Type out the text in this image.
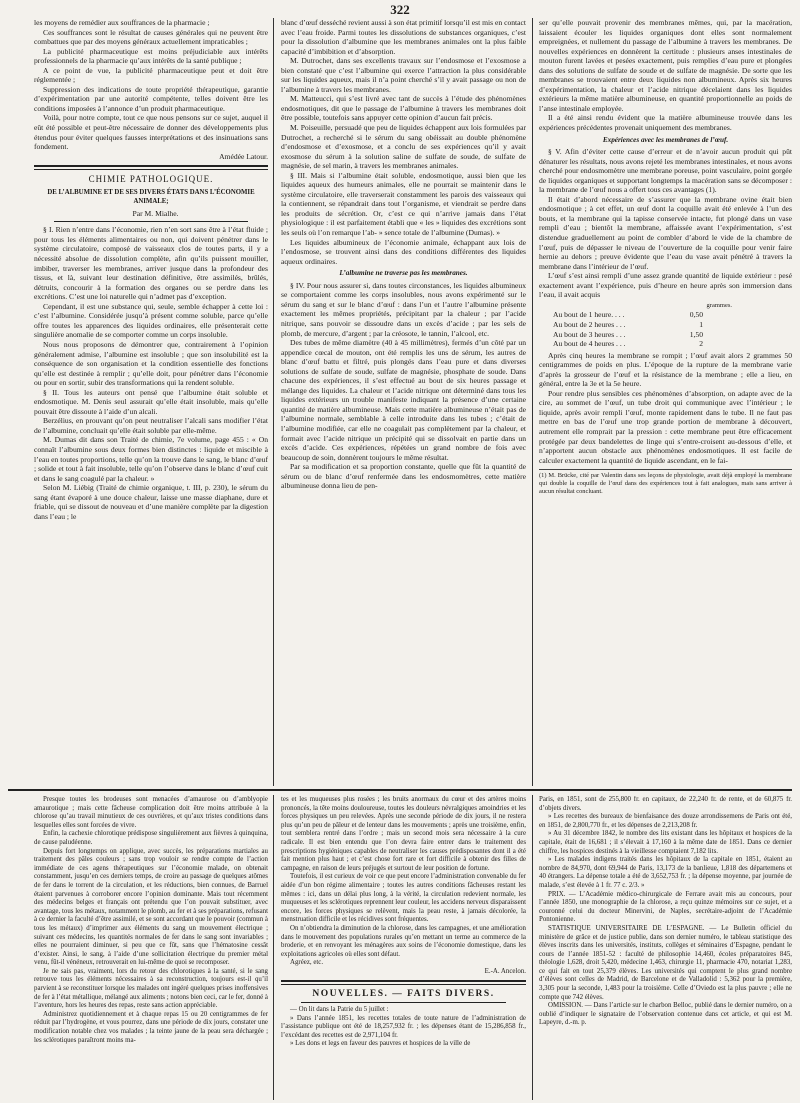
322

les moyens de remédier aux souffrances de la pharmacie ;

Ces souffrances sont le résultat de causes générales qui ne peuvent être combattues que par des moyens généraux actuellement impraticables ;

La publicité pharmaceutique est moins préjudiciable aux intérêts professionnels de la pharmacie qu’aux intérêts de la santé publique ;

A ce point de vue, la publicité pharmaceutique peut et doit être réglementée ;

Suppression des indications de toute propriété thérapeutique, garantie d’expérimentation par une autorité compétente, telles doivent être les conditions imposées à l’annonce d’un produit pharmaceutique.

Voilà, pour notre compte, tout ce que nous pensons sur ce sujet, auquel il eût été possible et peut-être nécessaire de donner des développements plus étendus pour éviter quelques fausses interprétations et des insinuations sans fondement.

Amédée Latour.

CHIMIE PATHOLOGIQUE.
DE L’ALBUMINE ET DE SES DIVERS ÉTATS DANS L’ÉCONOMIE ANIMALE;

Par M. Mialhe.

§ I. Rien n’entre dans l’économie, rien n’en sort sans être à l’état fluide ; pour tous les éléments alimentaires ou non, qui doivent pénétrer dans le système circulatoire, composé de vaisseaux clos de toutes parts, il y a nécessité absolue de dissolution complète, afin qu’ils puissent mouiller, imbiber, traverser les membranes, arriver jusque dans la profondeur des tissus, et là, suivant leur destination définitive, être assimilés, brûlés, détruits, concourir à la formation des organes ou se perdre dans les excrétions. C’est une loi naturelle qui n’admet pas d’exception.

Cependant, il est une substance qui, seule, semble échapper à cette loi : c’est l’albumine. Considérée jusqu’à présent comme soluble, parce qu’elle offre toutes les apparences des liquides ordinaires, elle présenterait cette singulière anomalie de se comporter comme un corps insoluble.

Nous nous proposons de démontrer que, contrairement à l’opinion généralement admise, l’albumine est insoluble ; que son insolubilité est la conséquence de son organisation et la condition essentielle des fonctions qu’elle est destinée à remplir ; qu’elle doit, pour pénétrer dans l’économie ou pour en sortir, subir des transformations qui la rendent soluble.

§ II. Tous les auteurs ont pensé que l’albumine était soluble et endosmotique. M. Denis seul assurait qu’elle était insoluble, mais qu’elle pouvait être dissoute à l’aide d’un alcali.

Berzélius, en prouvant qu’on peut neutraliser l’alcali sans modifier l’état de l’albumine, concluait qu’elle était soluble par elle-même.

M. Dumas dit dans son Traité de chimie, 7e volume, page 455 : « On connaît l’albumine sous deux formes bien distinctes : liquide et miscible à l’eau en toutes proportions, telle qu’on la trouve dans le sang, le blanc d’œuf ; solide et tout à fait insoluble, telle qu’on l’observe dans le blanc d’œuf cuit et dans le sang coagulé par la chaleur. »

Selon M. Liébig (Traité de chimie organique, t. III, p. 230), le sérum du sang étant évaporé à une douce chaleur, laisse une masse diaphane, dure et friable, qui se dissout de nouveau et d’une manière complète par la digestion dans l’eau ; le

blanc d’œuf desséché revient aussi à son état primitif lorsqu’il est mis en contact avec l’eau froide. Parmi toutes les dissolutions de substances organiques, c’est pour la dissolution d’albumine que les membranes animales ont la plus faible capacité d’imbibition et d’absorption.

M. Dutrochet, dans ses excellents travaux sur l’endosmose et l’exosmose a bien constaté que c’est l’albumine qui exerce l’attraction la plus considérable sur les liquides aqueux, mais il n’a point cherché s’il y avait passage ou non de l’albumine à travers les membranes.

M. Matteucci, qui s’est livré avec tant de succès à l’étude des phénomènes endosmotiques, dit que le passage de l’albumine à travers les membranes doit être possible, toutefois sans appuyer cette opinion d’aucun fait précis.

M. Poiseuille, persuadé que peu de liquides échappent aux lois formulées par Dutrochet, a recherché si le sérum du sang obéissait au double phénomène d’endosmose et d’exosmose, et a conclu de ses expériences qu’il y avait exosmose du sérum à la solution saline de sulfate de soude, de sulfate de magnésie, de sel marin, à travers les membranes animales.

§ III. Mais si l’albumine était soluble, endosmotique, aussi bien que les liquides aqueux des humeurs animales, elle ne pourrait se maintenir dans le système circulatoire, elle traverserait constamment les parois des vaisseaux qui la contiennent, se répandrait dans tout l’organisme, et viendrait se perdre dans les produits de sécrétion. Or, c’est ce qui n’arrive jamais dans l’état physiologique : il est parfaitement établi que « les » liquides des excrétions sont les seuls où l’on remarque l’ab- » sence totale de l’albumine (Dumas). »

Les liquides albumineux de l’économie animale, échappant aux lois de l’endosmose, se trouvent ainsi dans des conditions différentes des liquides aqueux ordinaires.

L’albumine ne traverse pas les membranes.

§ IV. Pour nous assurer si, dans toutes circonstances, les liquides albumineux se comportaient comme les corps insolubles, nous avons expérimenté sur le sérum du sang et sur le blanc d’œuf : dans l’un et l’autre l’albumine présente exactement les mêmes propriétés, précipitant par la chaleur ; par l’acide nitrique, sans pouvoir se dissoudre dans un excès d’acide ; par les sels de plomb, de mercure, d’argent ; par la créosote, le tannin, l’alcool, etc.

Des tubes de même diamètre (40 à 45 millimètres), fermés d’un côté par un appendice cœcal de mouton, ont été remplis les uns de sérum, les autres de blanc d’œuf battu et filtré, puis plongés dans l’eau pure et dans diverses solutions de sulfate de soude, sulfate de magnésie, phosphate de soude. Dans chacune des expériences, il s’est effectué au bout de six heures passage et mélange des liquides. La chaleur et l’acide nitrique ont déterminé dans tous les liquides extérieurs un trouble manifeste indiquant la présence d’une certaine quantité de matière albumineuse. Mais cette matière albumineuse n’était pas de l’albumine normale, semblable à celle introduite dans les tubes ; c’était de l’albumine modifiée, car elle ne coagulait pas complètement par la chaleur, et formait avec l’acide nitrique un précipité qui se dissolvait en partie dans un excès d’acide. Ces expériences, répétées un grand nombre de fois avec beaucoup de soin, donnèrent toujours le même résultat.

Par sa modification et sa proportion constante, quelle que fût la quantité de sérum ou de blanc d’œuf renfermée dans les endosmomètres, cette matière albumineuse donna lieu de pen-

ser qu’elle pouvait provenir des membranes mêmes, qui, par la macération, laissaient écouler les liquides organiques dont elles sont normalement empreignées, et nullement du passage de l’albumine à travers les membranes. De nouvelles expériences en donnèrent la certitude : plusieurs anses intestinales de mouton furent lavées et pesées exactement, puis remplies d’eau pure et plongées dans des solutions de sulfate de soude et de sulfate de magnésie. De sorte que les membranes se trouvaient entre deux liquides non albumineux. Après six heures d’expérimentation, la chaleur et l’acide nitrique décelaient dans les liquides extérieurs la même matière albumineuse, en quantité proportionnelle au poids de l’anse intestinale employée.

Il a été ainsi rendu évident que la matière albumineuse trouvée dans les expériences précédentes provenait uniquement des membranes.

Expériences avec les membranes de l’œuf.

§ V. Afin d’éviter cette cause d’erreur et de n’avoir aucun produit qui pût dénaturer les résultats, nous avons rejeté les membranes intestinales, et nous avons cherché pour endosmomètre une membrane poreuse, point vasculaire, point gorgée de liquides organiques et supportant longtemps la macération sans se décomposer : la membrane de l’œuf nous a offert tous ces avantages (1).

Il était d’abord nécessaire de s’assurer que la membrane ovine était bien endosmotique ; à cet effet, un œuf dont la coquille avait été enlevée à l’un des bouts, et la membrane qui la tapisse conservée intacte, fut plongé dans un vase rempli d’eau ; bientôt la membrane, affaissée avant l’expérimentation, s’est distendue graduellement au point de combler d’abord le vide de la chambre de l’œuf, puis de dépasser le niveau de l’ouverture de la coquille pour venir faire hernie au dehors ; preuve évidente que l’eau du vase avait pénétré à travers la membrane dans l’intérieur de l’œuf.

L’œuf s’est ainsi rempli d’une assez grande quantité de liquide extérieur : pesé exactement avant l’expérience, puis d’heure en heure après son immersion dans l’eau, il avait acquis

grammes.
Au bout de 1 heure. . . .	0,50
Au bout de 2 heures . . .	1
Au bout de 3 heures . . .	1,50
Au bout de 4 heures . . .	2

Après cinq heures la membrane se rompit ; l’œuf avait alors 2 grammes 50 centigrammes de poids en plus. L’époque de la rupture de la membrane varie d’après la grosseur de l’œuf et la résistance de la membrane ; elle a lieu, en général, entre la 3e et la 5e heure.

Pour rendre plus sensibles ces phénomènes d’absorption, on adapte avec de la cire, au sommet de l’œuf, un tube droit qui communique avec l’intérieur ; le liquide, après avoir rempli l’œuf, monte rapidement dans le tube. Il ne faut pas mettre en bas de l’œuf une trop grande portion de membrane à découvert, autrement elle romprait par la pression : cette membrane peut être efficacement protégée par deux bandelettes de linge qui s’entre-croisent au-dessous d’elle, et n’apportent aucun obstacle aux phénomènes endosmotiques. Il est facile de calculer exactement la quantité de liquide ascendant, en le fai-

(1) M. Brücke, cité par Valentin dans ses leçons de physiologie, avait déjà employé la membrane qui double la coquille de l’œuf dans des expériences tout à fait analogues, mais sans arriver à aucun résultat concluant.

Presque toutes les brodeuses sont menacées d’amaurose ou d’amblyopie amaurotique ; mais cette fâcheuse complication doit être moins attribuée à la chlorose qu’au travail minutieux de ces ouvrières, et qu’aux tristes conditions dans lesquelles elles sont forcées de vivre.

Enfin, la cachexie chlorotique prédispose singulièrement aux fièvres à quinquina, de cause paludéenne.

Depuis fort longtemps on applique, avec succès, les préparations martiales au traitement des pâles couleurs ; sans trop vouloir se rendre compte de l’action immédiate de ces agens thérapeutiques sur l’économie malade, on obtenait constamment, jusqu’en ces derniers temps, de croire au passage de quelques atômes de fer dans le torrent de la circulation, et les réductions, bien connues, de Barruel étaient parvenues à corroborer encore l’opinion dominante. Mais tout récemment des médecins belges et français ont prétendu que l’on pouvait substituer, avec avantage, tous les métaux, notamment le plomb, au fer et à ses préparations, refusant à ce dernier la faculté d’être assimilé, et se sont accordant que le pouvoir (commun à tous les métaux) d’imprimer aux éléments du sang un mouvement électrique ; suivant ces médecins, les quantités normales de fer dans le sang sont invariables ; elles ne pourraient diminuer, si peu que ce fût, sans que l’hématosine cessât d’exister. Ainsi, le sang, à l’aide d’une sollicitation électrique du premier métal venu, fût-il vénéneux, retrouverait en lui-même de quoi se recomposer.

Je ne sais pas, vraiment, lors du retour des chlorotiques à la santé, si le sang retrouve tous les éléments nécessaires à sa reconstruction, toujours est-il qu’il parvient à se reconstituer lorsque les malades ont ingéré quelques prises inoffensives de fer à l’état métallique, mélangé aux aliments ; notons bien ceci, car le fer, donné à l’aventure, hors les heures des repas, reste sans action appréciable.

Administrez quotidiennement et à chaque repas 15 ou 20 centigrammes de fer réduit par l’hydrogène, et vous pourrez, dans une période de dix jours, constater une modification notable chez vos malades ; la teinte jaune de la peau sera déchargée ; les sclérotiques paraîtront moins ma-

tes et les muqueuses plus rosées ; les bruits anormaux du cœur et des artères moins prononcés, la tête moins douloureuse, toutes les douleurs névralgiques amoindries et les forces physiques un peu relevées. Après une seconde période de dix jours, il ne restera plus qu’un peu de pâleur et de lenteur dans les mouvements ; après une troisième, enfin, tout semblera rentré dans l’ordre ; mais un second mois sera nécessaire à la cure radicale. Il est bien entendu que l’on devra faire entrer dans le traitement des prescriptions hygiéniques capables de neutraliser les causes prédisposantes dont il a été fait mention plus haut ; et c’est chose fort rare et fort difficile à obtenir des filles de campagne, en raison de leurs préjugés et surtout de leur position de fortune.

Toutefois, il est curieux de voir ce que peut encore l’administration convenable du fer aidée d’un bon régime alimentaire ; toutes les autres conditions fâcheuses restant les mêmes : ici, dans un délai plus long, à la vérité, la circulation redevient normale, les muqueuses et les sclérotiques reprennent leur couleur, les accidens nerveux disparaissent encore, les forces physiques se relèvent, mais la peau reste, à jamais décolorée, la menstruation difficile et les récidives sont fréquentes.

On n’obtiendra la diminution de la chlorose, dans les campagnes, et une amélioration dans le mouvement des populations rurales qu’en mettant un terme au commerce de la broderie, et en renvoyant les ménagères aux soins de l’économie domestique, dans les exploitations agricoles où elles sont défaut.

Agréez, etc.

E.-A. Ancelon.

NOUVELLES. — FAITS DIVERS.

— On lit dans la Patrie du 5 juillet :

» Dans l’année 1851, les recettes totales de toute nature de l’administration de l’assistance publique ont été de 18,257,932 fr. ; les dépenses étant de 15,286,858 fr., l’excédant des recettes est de 2,971,104 fr.

» Les dons et legs en faveur des pauvres et hospices de la ville de

Paris, en 1851, sont de 255,800 fr. en capitaux, de 22,240 fr. de rente, et de 60,875 fr. d’objets divers.

» Les recettes des bureaux de bienfaisance des douze arrondissemens de Paris ont été, en 1851, de 2,800,770 fr., et les dépenses de 2,213,208 fr.

» Au 31 décembre 1842, le nombre des lits existant dans les hôpitaux et hospices de la capitale, était de 16,681 ; il s’élevait à 17,160 à la même date de 1851. Dans ce dernier chiffre, les hospices destinés à la vieillesse comptaient 7,182 lits.

» Les malades indigens traités dans les hôpitaux de la capitale en 1851, étaient au nombre de 84,970, dont 69,944 de Paris, 13,173 de la banlieue, 1,818 des départemens et 40 étrangers. La dépense totale a été de 3,652,753 fr. ; la dépense moyenne, par journée de malade, s’est élevée à 1 fr. 77 c. 2/3. »

PRIX. — L’Académie médico-chirurgicale de Ferrare avait mis au concours, pour l’année 1850, une monographie de la chlorose, a reçu quinze mémoires sur ce sujet, et a couronné celui du docteur Minervini, de Naples, secrétaire-adjoint de l’Académie Pontonienne.

STATISTIQUE UNIVERSITAIRE DE L’ESPAGNE. — Le Bulletin officiel du ministère de grâce et de justice publie, dans son dernier numéro, le tableau statistique des élèves inscrits dans les universités, instituts, collèges et séminaires d’Espagne, pendant le cours de l’année 1851-52 : faculté de philosophie 14,460, écoles préparatoires 845, théologie 1,628, droit 5,420, médecine 1,463, chirurgie 11, pharmacie 470, notariat 1,283, ce qui fait en tout 25,379 élèves. Les universités qui comptent le plus grand nombre d’élèves sont celles de Madrid, de Barcelone et de Valladolid : 5,362 pour la première, 3,305 pour la seconde, 1,483 pour la troisième. Celle d’Oviedo est la plus pauvre ; elle ne compte que 742 élèves.

OMISSION. — Dans l’article sur le charbon Belloc, publié dans le dernier numéro, on a oublié d’indiquer le signataire de l’observation contenue dans cet article, et qui est M. Lapeyre, d.-m. p.
